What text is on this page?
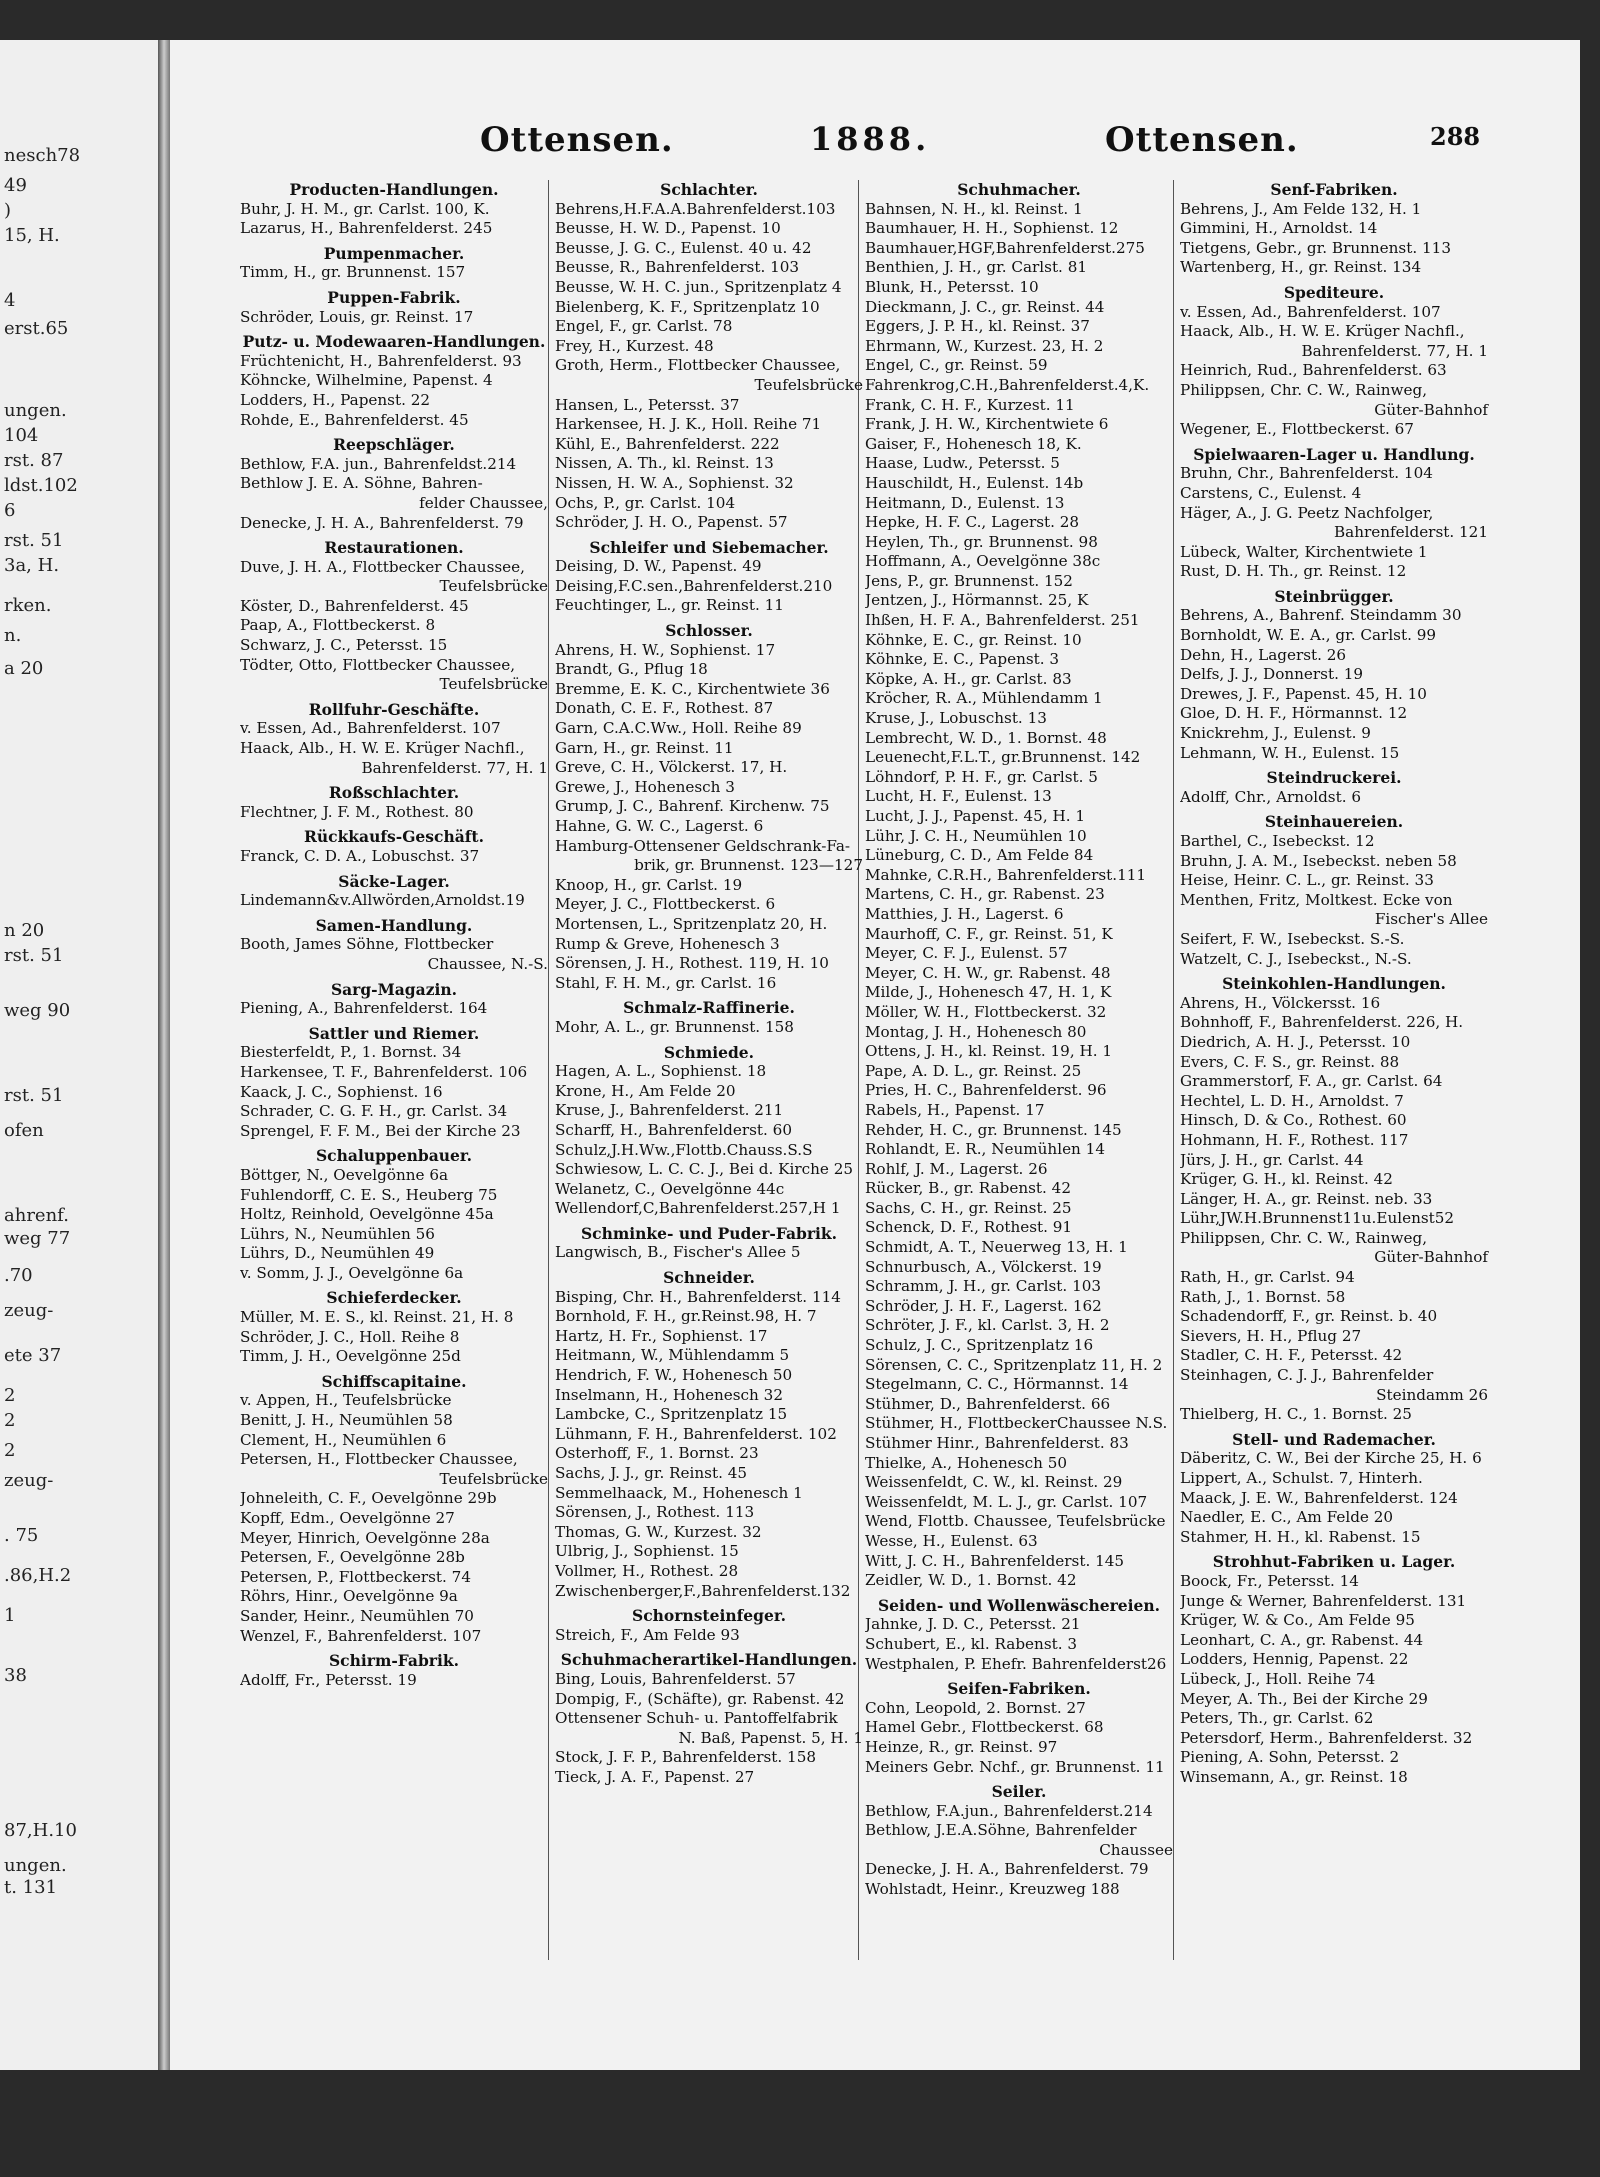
nesch78
49
)
15, H.
4
erst.65
ungen.
104
rst. 87
ldst.102
6
rst. 51
3a, H.
rken.
n.
a 20
n 20
rst. 51
weg 90
rst. 51
ofen
ahrenf.
weg 77
.70
zeug-
ete 37
2
2
2
zeug-
. 75
.86,H.2
1
38
87,H.10
ungen.
t. 131
Ottensen.	1888.	Ottensen.	288
Producten-Handlungen.
Buhr, J. H. M., gr. Carlst. 100, K.
Lazarus, H., Bahrenfelderst. 245
Pumpenmacher.
Timm, H., gr. Brunnenst. 157
Puppen-Fabrik.
Schröder, Louis, gr. Reinst. 17
Putz- u. Modewaaren-Handlungen.
Früchtenicht, H., Bahrenfelderst. 93
Köhncke, Wilhelmine, Papenst. 4
Lodders, H., Papenst. 22
Rohde, E., Bahrenfelderst. 45
Reepschläger.
Bethlow, F.A. jun., Bahrenfeldst.214
Bethlow J. E. A. Söhne, Bahren-
felder Chaussee,
Denecke, J. H. A., Bahrenfelderst. 79
Restaurationen.
Duve, J. H. A., Flottbecker Chaussee,
Teufelsbrücke
Köster, D., Bahrenfelderst. 45
Paap, A., Flottbeckerst. 8
Schwarz, J. C., Petersst. 15
Tödter, Otto, Flottbecker Chaussee,
Teufelsbrücke
Rollfuhr-Geschäfte.
v. Essen, Ad., Bahrenfelderst. 107
Haack, Alb., H. W. E. Krüger Nachfl.,
Bahrenfelderst. 77, H. 1
Roßschlachter.
Flechtner, J. F. M., Rothest. 80
Rückkaufs-Geschäft.
Franck, C. D. A., Lobuschst. 37
Säcke-Lager.
Lindemann&v.Allwörden,Arnoldst.19
Samen-Handlung.
Booth, James Söhne, Flottbecker
Chaussee, N.-S.
Sarg-Magazin.
Piening, A., Bahrenfelderst. 164
Sattler und Riemer.
Biesterfeldt, P., 1. Bornst. 34
Harkensee, T. F., Bahrenfelderst. 106
Kaack, J. C., Sophienst. 16
Schrader, C. G. F. H., gr. Carlst. 34
Sprengel, F. F. M., Bei der Kirche 23
Schaluppenbauer.
Böttger, N., Oevelgönne 6a
Fuhlendorff, C. E. S., Heuberg 75
Holtz, Reinhold, Oevelgönne 45a
Lührs, N., Neumühlen 56
Lührs, D., Neumühlen 49
v. Somm, J. J., Oevelgönne 6a
Schieferdecker.
Müller, M. E. S., kl. Reinst. 21, H. 8
Schröder, J. C., Holl. Reihe 8
Timm, J. H., Oevelgönne 25d
Schiffscapitaine.
v. Appen, H., Teufelsbrücke
Benitt, J. H., Neumühlen 58
Clement, H., Neumühlen 6
Petersen, H., Flottbecker Chaussee,
Teufelsbrücke
Johneleith, C. F., Oevelgönne 29b
Kopff, Edm., Oevelgönne 27
Meyer, Hinrich, Oevelgönne 28a
Petersen, F., Oevelgönne 28b
Petersen, P., Flottbeckerst. 74
Röhrs, Hinr., Oevelgönne 9a
Sander, Heinr., Neumühlen 70
Wenzel, F., Bahrenfelderst. 107
Schirm-Fabrik.
Adolff, Fr., Petersst. 19
Schlachter.
Behrens,H.F.A.A.Bahrenfelderst.103
Beusse, H. W. D., Papenst. 10
Beusse, J. G. C., Eulenst. 40 u. 42
Beusse, R., Bahrenfelderst. 103
Beusse, W. H. C. jun., Spritzenplatz 4
Bielenberg, K. F., Spritzenplatz 10
Engel, F., gr. Carlst. 78
Frey, H., Kurzest. 48
Groth, Herm., Flottbecker Chaussee,
Teufelsbrücke
Hansen, L., Petersst. 37
Harkensee, H. J. K., Holl. Reihe 71
Kühl, E., Bahrenfelderst. 222
Nissen, A. Th., kl. Reinst. 13
Nissen, H. W. A., Sophienst. 32
Ochs, P., gr. Carlst. 104
Schröder, J. H. O., Papenst. 57
Schleifer und Siebemacher.
Deising, D. W., Papenst. 49
Deising,F.C.sen.,Bahrenfelderst.210
Feuchtinger, L., gr. Reinst. 11
Schlosser.
Ahrens, H. W., Sophienst. 17
Brandt, G., Pflug 18
Bremme, E. K. C., Kirchentwiete 36
Donath, C. E. F., Rothest. 87
Garn, C.A.C.Ww., Holl. Reihe 89
Garn, H., gr. Reinst. 11
Greve, C. H., Völckerst. 17, H.
Grewe, J., Hohenesch 3
Grump, J. C., Bahrenf. Kirchenw. 75
Hahne, G. W. C., Lagerst. 6
Hamburg-Ottensener Geldschrank-Fa-
brik, gr. Brunnenst. 123—127
Knoop, H., gr. Carlst. 19
Meyer, J. C., Flottbeckerst. 6
Mortensen, L., Spritzenplatz 20, H.
Rump & Greve, Hohenesch 3
Sörensen, J. H., Rothest. 119, H. 10
Stahl, F. H. M., gr. Carlst. 16
Schmalz-Raffinerie.
Mohr, A. L., gr. Brunnenst. 158
Schmiede.
Hagen, A. L., Sophienst. 18
Krone, H., Am Felde 20
Kruse, J., Bahrenfelderst. 211
Scharff, H., Bahrenfelderst. 60
Schulz,J.H.Ww.,Flottb.Chauss.S.S
Schwiesow, L. C. C. J., Bei d. Kirche 25
Welanetz, C., Oevelgönne 44c
Wellendorf,C,Bahrenfelderst.257,H 1
Schminke- und Puder-Fabrik.
Langwisch, B., Fischer's Allee 5
Schneider.
Bisping, Chr. H., Bahrenfelderst. 114
Bornhold, F. H., gr.Reinst.98, H. 7
Hartz, H. Fr., Sophienst. 17
Heitmann, W., Mühlendamm 5
Hendrich, F. W., Hohenesch 50
Inselmann, H., Hohenesch 32
Lambcke, C., Spritzenplatz 15
Lühmann, F. H., Bahrenfelderst. 102
Osterhoff, F., 1. Bornst. 23
Sachs, J. J., gr. Reinst. 45
Semmelhaack, M., Hohenesch 1
Sörensen, J., Rothest. 113
Thomas, G. W., Kurzest. 32
Ulbrig, J., Sophienst. 15
Vollmer, H., Rothest. 28
Zwischenberger,F.,Bahrenfelderst.132
Schornsteinfeger.
Streich, F., Am Felde 93
Schuhmacherartikel-Handlungen.
Bing, Louis, Bahrenfelderst. 57
Dompig, F., (Schäfte), gr. Rabenst. 42
Ottensener Schuh- u. Pantoffelfabrik
N. Baß, Papenst. 5, H. 1
Stock, J. F. P., Bahrenfelderst. 158
Tieck, J. A. F., Papenst. 27
Schuhmacher.
Bahnsen, N. H., kl. Reinst. 1
Baumhauer, H. H., Sophienst. 12
Baumhauer,HGF,Bahrenfelderst.275
Benthien, J. H., gr. Carlst. 81
Blunk, H., Petersst. 10
Dieckmann, J. C., gr. Reinst. 44
Eggers, J. P. H., kl. Reinst. 37
Ehrmann, W., Kurzest. 23, H. 2
Engel, C., gr. Reinst. 59
Fahrenkrog,C.H.,Bahrenfelderst.4,K.
Frank, C. H. F., Kurzest. 11
Frank, J. H. W., Kirchentwiete 6
Gaiser, F., Hohenesch 18, K.
Haase, Ludw., Petersst. 5
Hauschildt, H., Eulenst. 14b
Heitmann, D., Eulenst. 13
Hepke, H. F. C., Lagerst. 28
Heylen, Th., gr. Brunnenst. 98
Hoffmann, A., Oevelgönne 38c
Jens, P., gr. Brunnenst. 152
Jentzen, J., Hörmannst. 25, K
Ihßen, H. F. A., Bahrenfelderst. 251
Köhnke, E. C., gr. Reinst. 10
Köhnke, E. C., Papenst. 3
Köpke, A. H., gr. Carlst. 83
Kröcher, R. A., Mühlendamm 1
Kruse, J., Lobuschst. 13
Lembrecht, W. D., 1. Bornst. 48
Leuenecht,F.L.T., gr.Brunnenst. 142
Löhndorf, P. H. F., gr. Carlst. 5
Lucht, H. F., Eulenst. 13
Lucht, J. J., Papenst. 45, H. 1
Lühr, J. C. H., Neumühlen 10
Lüneburg, C. D., Am Felde 84
Mahnke, C.R.H., Bahrenfelderst.111
Martens, C. H., gr. Rabenst. 23
Matthies, J. H., Lagerst. 6
Maurhoff, C. F., gr. Reinst. 51, K
Meyer, C. F. J., Eulenst. 57
Meyer, C. H. W., gr. Rabenst. 48
Milde, J., Hohenesch 47, H. 1, K
Möller, W. H., Flottbeckerst. 32
Montag, J. H., Hohenesch 80
Ottens, J. H., kl. Reinst. 19, H. 1
Pape, A. D. L., gr. Reinst. 25
Pries, H. C., Bahrenfelderst. 96
Rabels, H., Papenst. 17
Rehder, H. C., gr. Brunnenst. 145
Rohlandt, E. R., Neumühlen 14
Rohlf, J. M., Lagerst. 26
Rücker, B., gr. Rabenst. 42
Sachs, C. H., gr. Reinst. 25
Schenck, D. F., Rothest. 91
Schmidt, A. T., Neuerweg 13, H. 1
Schnurbusch, A., Völckerst. 19
Schramm, J. H., gr. Carlst. 103
Schröder, J. H. F., Lagerst. 162
Schröter, J. F., kl. Carlst. 3, H. 2
Schulz, J. C., Spritzenplatz 16
Sörensen, C. C., Spritzenplatz 11, H. 2
Stegelmann, C. C., Hörmannst. 14
Stühmer, D., Bahrenfelderst. 66
Stühmer, H., FlottbeckerChaussee N.S.
Stühmer Hinr., Bahrenfelderst. 83
Thielke, A., Hohenesch 50
Weissenfeldt, C. W., kl. Reinst. 29
Weissenfeldt, M. L. J., gr. Carlst. 107
Wend, Flottb. Chaussee, Teufelsbrücke
Wesse, H., Eulenst. 63
Witt, J. C. H., Bahrenfelderst. 145
Zeidler, W. D., 1. Bornst. 42
Seiden- und Wollenwäschereien.
Jahnke, J. D. C., Petersst. 21
Schubert, E., kl. Rabenst. 3
Westphalen, P. Ehefr. Bahrenfelderst26
Seifen-Fabriken.
Cohn, Leopold, 2. Bornst. 27
Hamel Gebr., Flottbeckerst. 68
Heinze, R., gr. Reinst. 97
Meiners Gebr. Nchf., gr. Brunnenst. 11
Seiler.
Bethlow, F.A.jun., Bahrenfelderst.214
Bethlow, J.E.A.Söhne, Bahrenfelder
Chaussee
Denecke, J. H. A., Bahrenfelderst. 79
Wohlstadt, Heinr., Kreuzweg 188
Senf-Fabriken.
Behrens, J., Am Felde 132, H. 1
Gimmini, H., Arnoldst. 14
Tietgens, Gebr., gr. Brunnenst. 113
Wartenberg, H., gr. Reinst. 134
Spediteure.
v. Essen, Ad., Bahrenfelderst. 107
Haack, Alb., H. W. E. Krüger Nachfl.,
Bahrenfelderst. 77, H. 1
Heinrich, Rud., Bahrenfelderst. 63
Philippsen, Chr. C. W., Rainweg,
Güter-Bahnhof
Wegener, E., Flottbeckerst. 67
Spielwaaren-Lager u. Handlung.
Bruhn, Chr., Bahrenfelderst. 104
Carstens, C., Eulenst. 4
Häger, A., J. G. Peetz Nachfolger,
Bahrenfelderst. 121
Lübeck, Walter, Kirchentwiete 1
Rust, D. H. Th., gr. Reinst. 12
Steinbrügger.
Behrens, A., Bahrenf. Steindamm 30
Bornholdt, W. E. A., gr. Carlst. 99
Dehn, H., Lagerst. 26
Delfs, J. J., Donnerst. 19
Drewes, J. F., Papenst. 45, H. 10
Gloe, D. H. F., Hörmannst. 12
Knickrehm, J., Eulenst. 9
Lehmann, W. H., Eulenst. 15
Steindruckerei.
Adolff, Chr., Arnoldst. 6
Steinhauereien.
Barthel, C., Isebeckst. 12
Bruhn, J. A. M., Isebeckst. neben 58
Heise, Heinr. C. L., gr. Reinst. 33
Menthen, Fritz, Moltkest. Ecke von
Fischer's Allee
Seifert, F. W., Isebeckst. S.-S.
Watzelt, C. J., Isebeckst., N.-S.
Steinkohlen-Handlungen.
Ahrens, H., Völckersst. 16
Bohnhoff, F., Bahrenfelderst. 226, H.
Diedrich, A. H. J., Petersst. 10
Evers, C. F. S., gr. Reinst. 88
Grammerstorf, F. A., gr. Carlst. 64
Hechtel, L. D. H., Arnoldst. 7
Hinsch, D. & Co., Rothest. 60
Hohmann, H. F., Rothest. 117
Jürs, J. H., gr. Carlst. 44
Krüger, G. H., kl. Reinst. 42
Länger, H. A., gr. Reinst. neb. 33
Lühr,JW.H.Brunnenst11u.Eulenst52
Philippsen, Chr. C. W., Rainweg,
Güter-Bahnhof
Rath, H., gr. Carlst. 94
Rath, J., 1. Bornst. 58
Schadendorff, F., gr. Reinst. b. 40
Sievers, H. H., Pflug 27
Stadler, C. H. F., Petersst. 42
Steinhagen, C. J. J., Bahrenfelder
Steindamm 26
Thielberg, H. C., 1. Bornst. 25
Stell- und Rademacher.
Däberitz, C. W., Bei der Kirche 25, H. 6
Lippert, A., Schulst. 7, Hinterh.
Maack, J. E. W., Bahrenfelderst. 124
Naedler, E. C., Am Felde 20
Stahmer, H. H., kl. Rabenst. 15
Strohhut-Fabriken u. Lager.
Boock, Fr., Petersst. 14
Junge & Werner, Bahrenfelderst. 131
Krüger, W. & Co., Am Felde 95
Leonhart, C. A., gr. Rabenst. 44
Lodders, Hennig, Papenst. 22
Lübeck, J., Holl. Reihe 74
Meyer, A. Th., Bei der Kirche 29
Peters, Th., gr. Carlst. 62
Petersdorf, Herm., Bahrenfelderst. 32
Piening, A. Sohn, Petersst. 2
Winsemann, A., gr. Reinst. 18
